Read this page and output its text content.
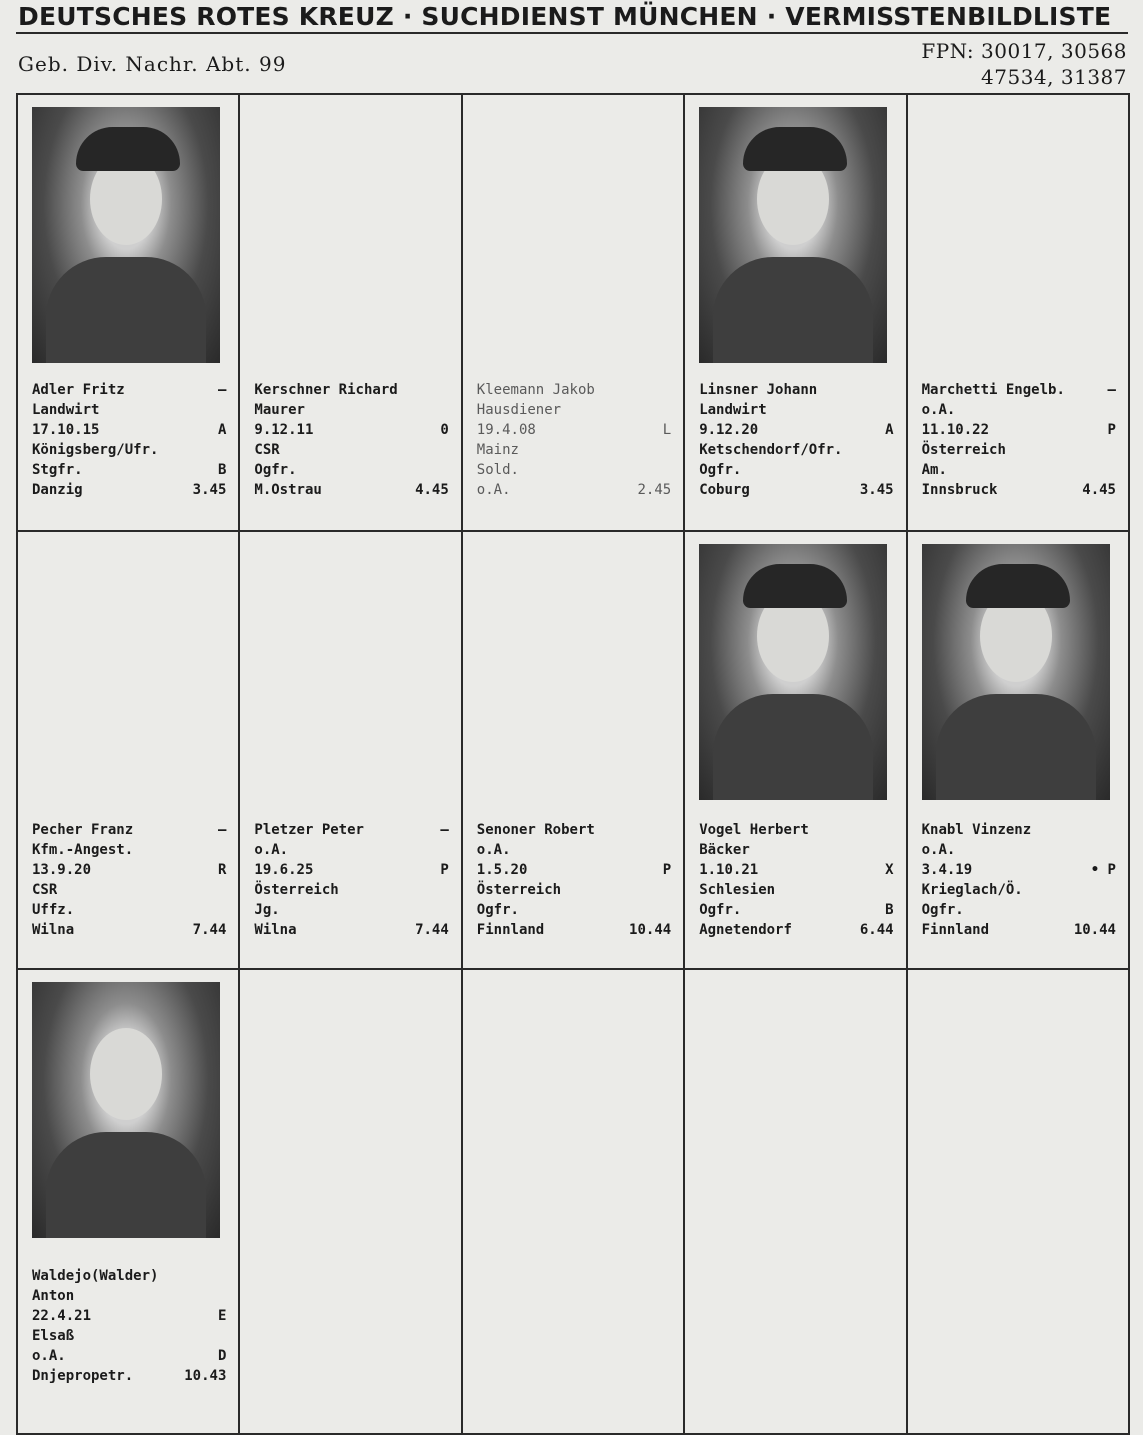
DEUTSCHES ROTES KREUZ · SUCHDIENST MÜNCHEN · VERMISSTENBILDLISTE
Geb. Div. Nachr. Abt. 99
FPN: 30017, 30568
47534, 31387
Adler Fritz	–
Landwirt
17.10.15	A
Königsberg/Ufr.
Stgfr.	B
Danzig	3.45
Kerschner Richard
Maurer
9.12.11	0
CSR
Ogfr.
M.Ostrau	4.45
Kleemann Jakob
Hausdiener
19.4.08	L
Mainz
Sold.
o.A.	2.45
Linsner Johann
Landwirt
9.12.20	A
Ketschendorf/Ofr.
Ogfr.
Coburg	3.45
Marchetti Engelb.	–
o.A.
11.10.22	P
Österreich
Am.
Innsbruck	4.45
Pecher Franz	–
Kfm.-Angest.
13.9.20	R
CSR
Uffz.
Wilna	7.44
Pletzer Peter	–
o.A.
19.6.25	P
Österreich
Jg.
Wilna	7.44
Senoner Robert
o.A.
1.5.20	P
Österreich
Ogfr.
Finnland	10.44
Vogel Herbert
Bäcker
1.10.21	X
Schlesien
Ogfr.	B
Agnetendorf	6.44
Knabl Vinzenz
o.A.
3.4.19	• P
Krieglach/Ö.
Ogfr.
Finnland	10.44
Waldejo(Walder)
Anton
22.4.21	E
Elsaß
o.A.	D
Dnjepropetr.	10.43
